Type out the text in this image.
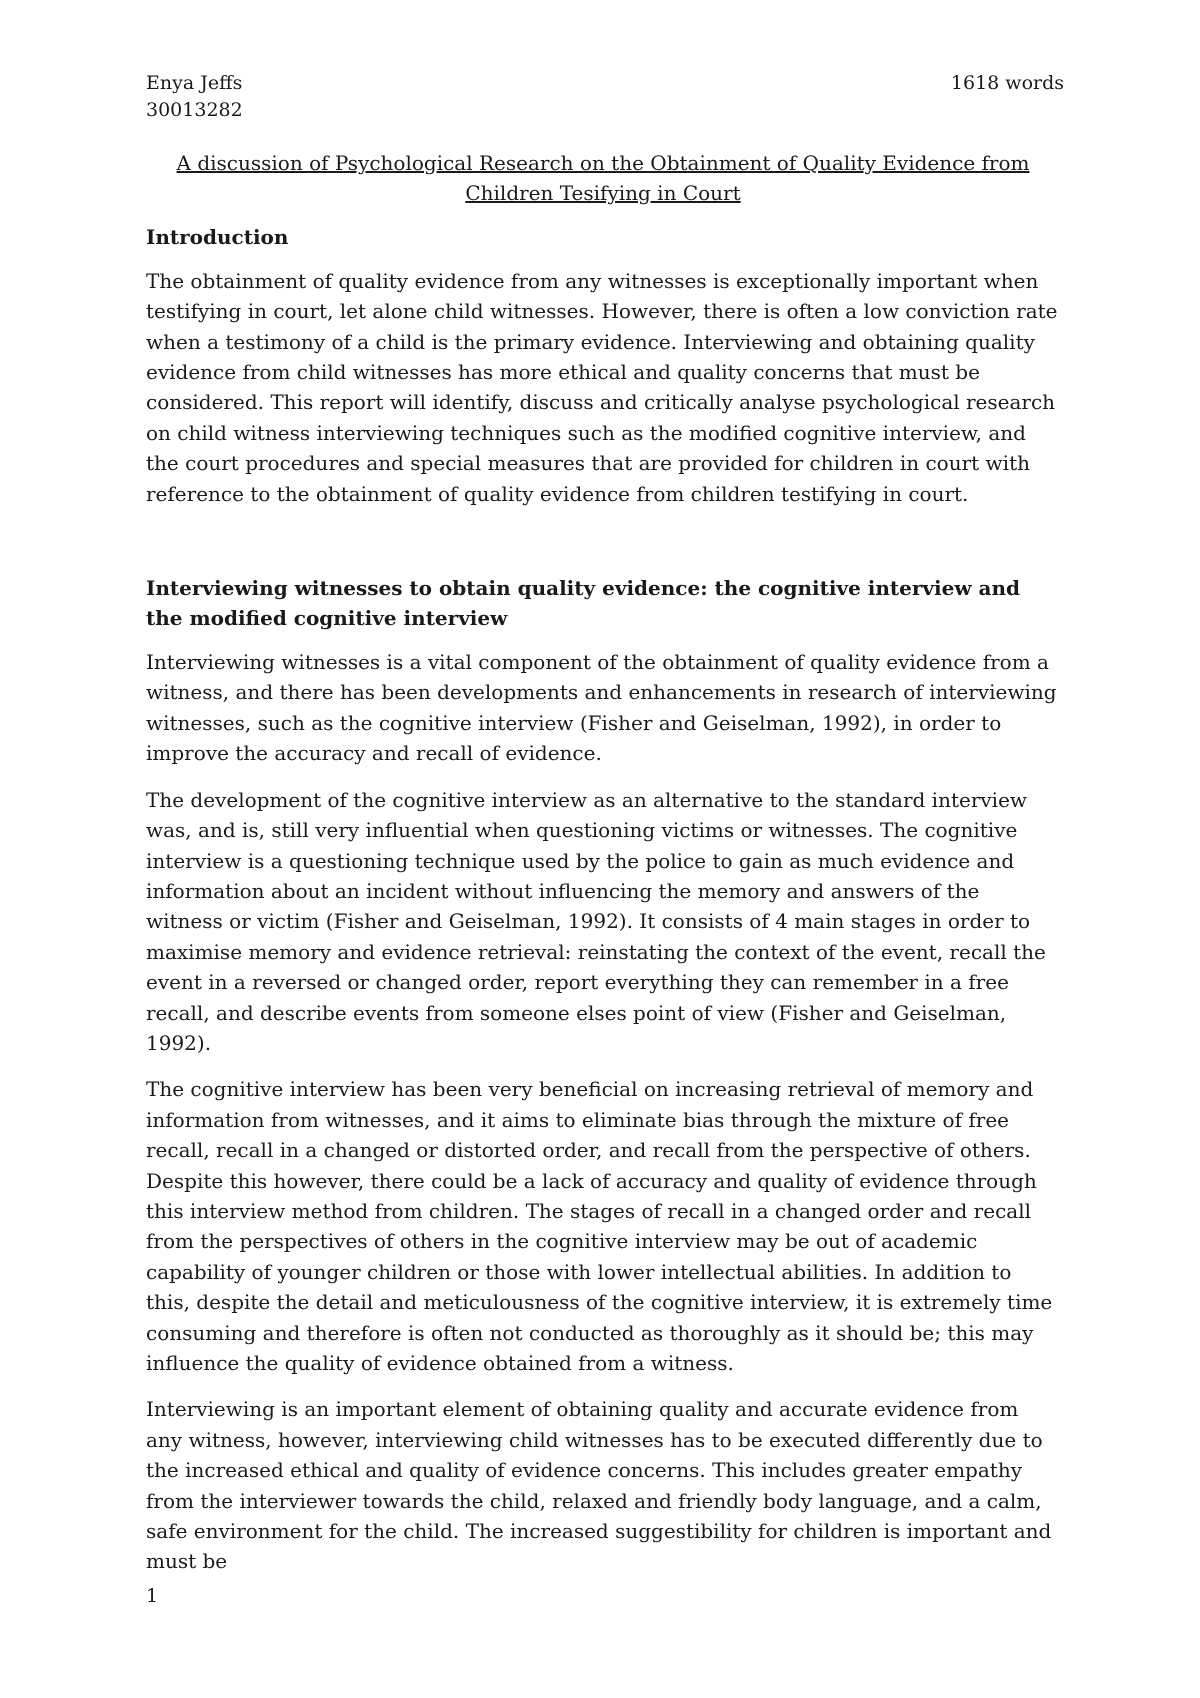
Enya Jeffs
30013282
1618 words
A discussion of Psychological Research on the Obtainment of Quality Evidence from
Children Tesifying in Court
Introduction

The obtainment of quality evidence from any witnesses is exceptionally important when testifying in court, let alone child witnesses. However, there is often a low conviction rate when a testimony of a child is the primary evidence. Interviewing and obtaining quality evidence from child witnesses has more ethical and quality concerns that must be considered. This report will identify, discuss and critically analyse psychological research on child witness interviewing techniques such as the modified cognitive interview, and the court procedures and special measures that are provided for children in court with reference to the obtainment of quality evidence from children testifying in court.

Interviewing witnesses to obtain quality evidence: the cognitive interview and the modified cognitive interview

Interviewing witnesses is a vital component of the obtainment of quality evidence from a witness, and there has been developments and enhancements in research of interviewing witnesses, such as the cognitive interview (Fisher and Geiselman, 1992), in order to improve the accuracy and recall of evidence.

The development of the cognitive interview as an alternative to the standard interview was, and is, still very influential when questioning victims or witnesses. The cognitive interview is a questioning technique used by the police to gain as much evidence and information about an incident without influencing the memory and answers of the witness or victim (Fisher and Geiselman, 1992). It consists of 4 main stages in order to maximise memory and evidence retrieval: reinstating the context of the event, recall the event in a reversed or changed order, report everything they can remember in a free recall, and describe events from someone elses point of view (Fisher and Geiselman, 1992).

The cognitive interview has been very beneficial on increasing retrieval of memory and information from witnesses, and it aims to eliminate bias through the mixture of free recall, recall in a changed or distorted order, and recall from the perspective of others. Despite this however, there could be a lack of accuracy and quality of evidence through this interview method from children. The stages of recall in a changed order and recall from the perspectives of others in the cognitive interview may be out of academic capability of younger children or those with lower intellectual abilities. In addition to this, despite the detail and meticulousness of the cognitive interview, it is extremely time consuming and therefore is often not conducted as thoroughly as it should be; this may influence the quality of evidence obtained from a witness.

Interviewing is an important element of obtaining quality and accurate evidence from any witness, however, interviewing child witnesses has to be executed differently due to the increased ethical and quality of evidence concerns. This includes greater empathy from the interviewer towards the child, relaxed and friendly body language, and a calm, safe environment for the child. The increased suggestibility for children is important and must be

1
